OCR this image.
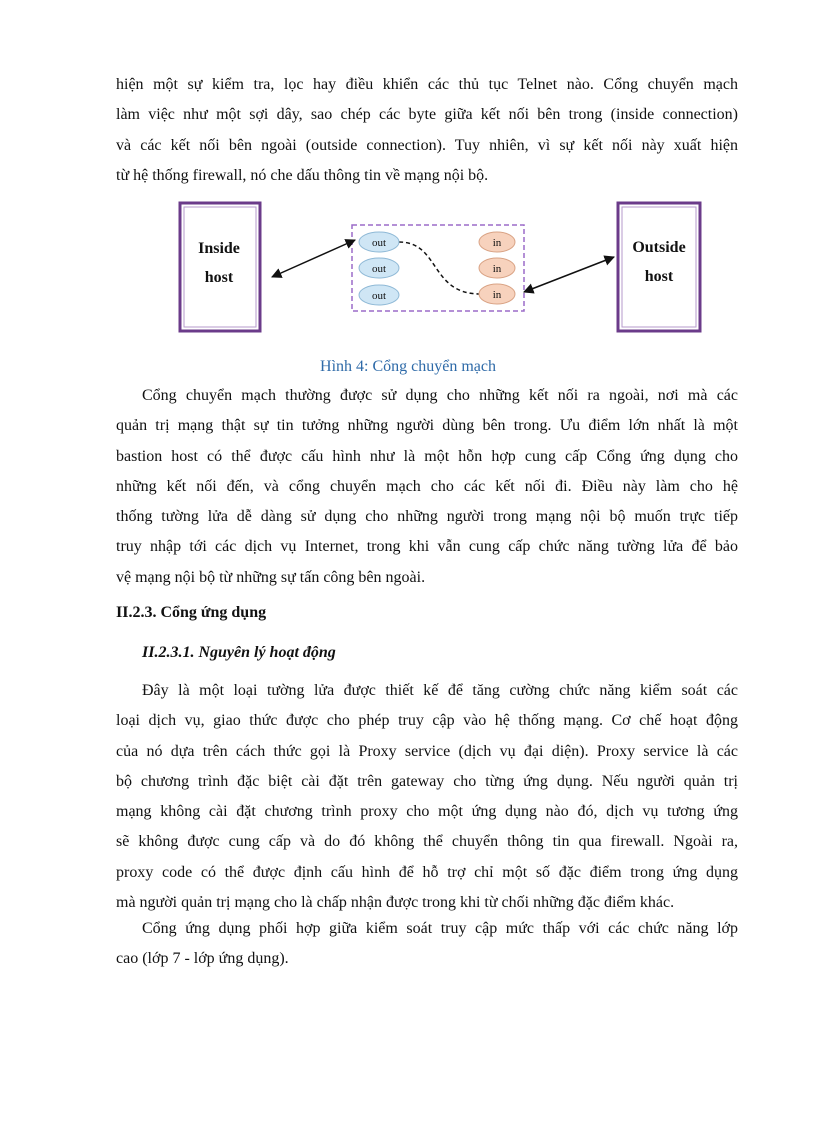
hiện một sự kiểm tra, lọc hay điều khiển các thủ tục Telnet nào. Cổng chuyển mạch
làm việc như một sợi dây, sao chép các byte giữa kết nối bên trong (inside connection)
và các kết nối bên ngoài (outside connection). Tuy nhiên, vì sự kết nối này xuất hiện
từ hệ thống firewall, nó che dấu thông tin về mạng nội bộ.

Inside
host
Outside
host
out
out
out
in
in
in
Hình 4: Cổng chuyển mạch

Cổng chuyển mạch thường được sử dụng cho những kết nối ra ngoài, nơi mà các
quản trị mạng thật sự tin tưởng những người dùng bên trong. Ưu điểm lớn nhất là một
bastion host có thể được cấu hình như là một hỗn hợp cung cấp Cổng ứng dụng cho
những kết nối đến, và cổng chuyển mạch cho các kết nối đi. Điều này làm cho hệ
thống tường lửa dễ dàng sử dụng cho những người trong mạng nội bộ muốn trực tiếp
truy nhập tới các dịch vụ Internet, trong khi vẫn cung cấp chức năng tường lửa để bảo
vệ mạng nội bộ từ những sự tấn công bên ngoài.

II.2.3. Cổng ứng dụng
II.2.3.1. Nguyên lý hoạt động

Đây là một loại tường lửa được thiết kế để tăng cường chức năng kiểm soát các
loại dịch vụ, giao thức được cho phép truy cập vào hệ thống mạng. Cơ chế hoạt động
của nó dựa trên cách thức gọi là Proxy service (dịch vụ đại diện). Proxy service là các
bộ chương trình đặc biệt cài đặt trên gateway cho từng ứng dụng. Nếu người quản trị
mạng không cài đặt chương trình proxy cho một ứng dụng nào đó, dịch vụ tương ứng
sẽ không được cung cấp và do đó không thể chuyển thông tin qua firewall. Ngoài ra,
proxy code có thể được định cấu hình để hỗ trợ chỉ một số đặc điểm trong ứng dụng
mà người quản trị mạng cho là chấp nhận được trong khi từ chối những đặc điểm khác.

Cổng ứng dụng phối hợp giữa kiểm soát truy cập mức thấp với các chức năng lớp
cao (lớp 7 - lớp ứng dụng).
